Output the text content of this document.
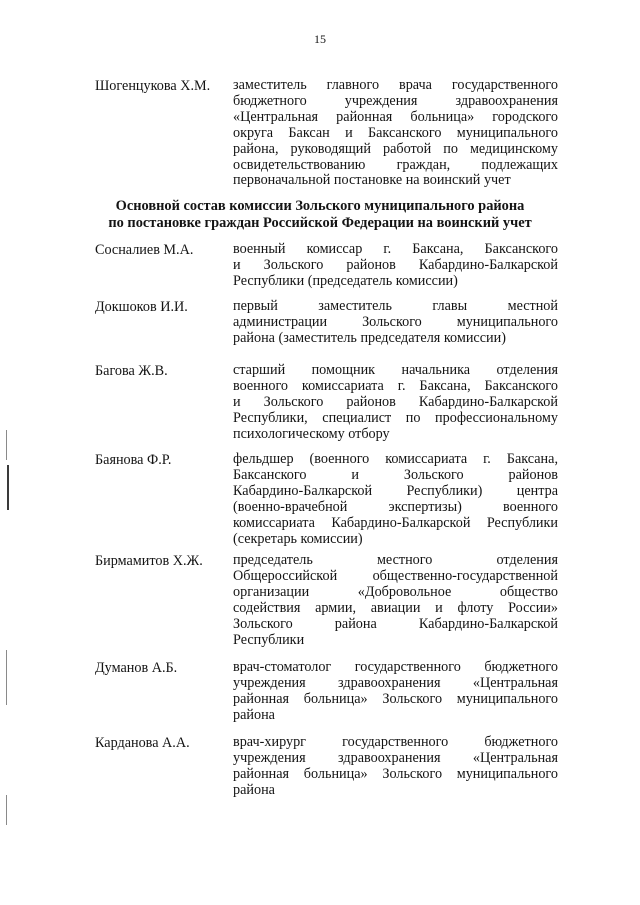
15
Основной состав комиссии Зольского муниципального района
по постановке граждан Российской Федерации на воинский учет
Шогенцукова Х.М. заместитель главного врача государственного
бюджетного учреждения здравоохранения
«Центральная районная больница» городского
округа Баксан и Баксанского муниципального
района, руководящий работой по медицинскому
освидетельствованию граждан, подлежащих
первоначальной постановке на воинский учет
Сосналиев М.А.	военный комиссар г. Баксана, Баксанского
и Зольского районов Кабардино-Балкарской
Республики (председатель комиссии)
Докшоков И.И.	первый заместитель главы местной
администрации Зольского муниципального
района (заместитель председателя комиссии)
Багова Ж.В.	старший помощник начальника отделения
военного комиссариата г. Баксана, Баксанского
и Зольского районов Кабардино-Балкарской
Республики, специалист по профессиональному
психологическому отбору
Баянова Ф.Р.	фельдшер (военного комиссариата г. Баксана,
Баксанского и Зольского районов
Кабардино-Балкарской Республики) центра
(военно-врачебной экспертизы) военного
комиссариата Кабардино-Балкарской Республики
(секретарь комиссии)
Бирмамитов Х.Ж. председатель местного отделения
Общероссийской общественно-государственной
организации «Добровольное общество
содействия армии, авиации и флоту России»
Зольского района Кабардино-Балкарской
Республики
Думанов А.Б.	врач-стоматолог государственного бюджетного
учреждения здравоохранения «Центральная
районная больница» Зольского муниципального
района
Карданова А.А.	врач-хирург государственного бюджетного
учреждения здравоохранения «Центральная
районная больница» Зольского муниципального
района
